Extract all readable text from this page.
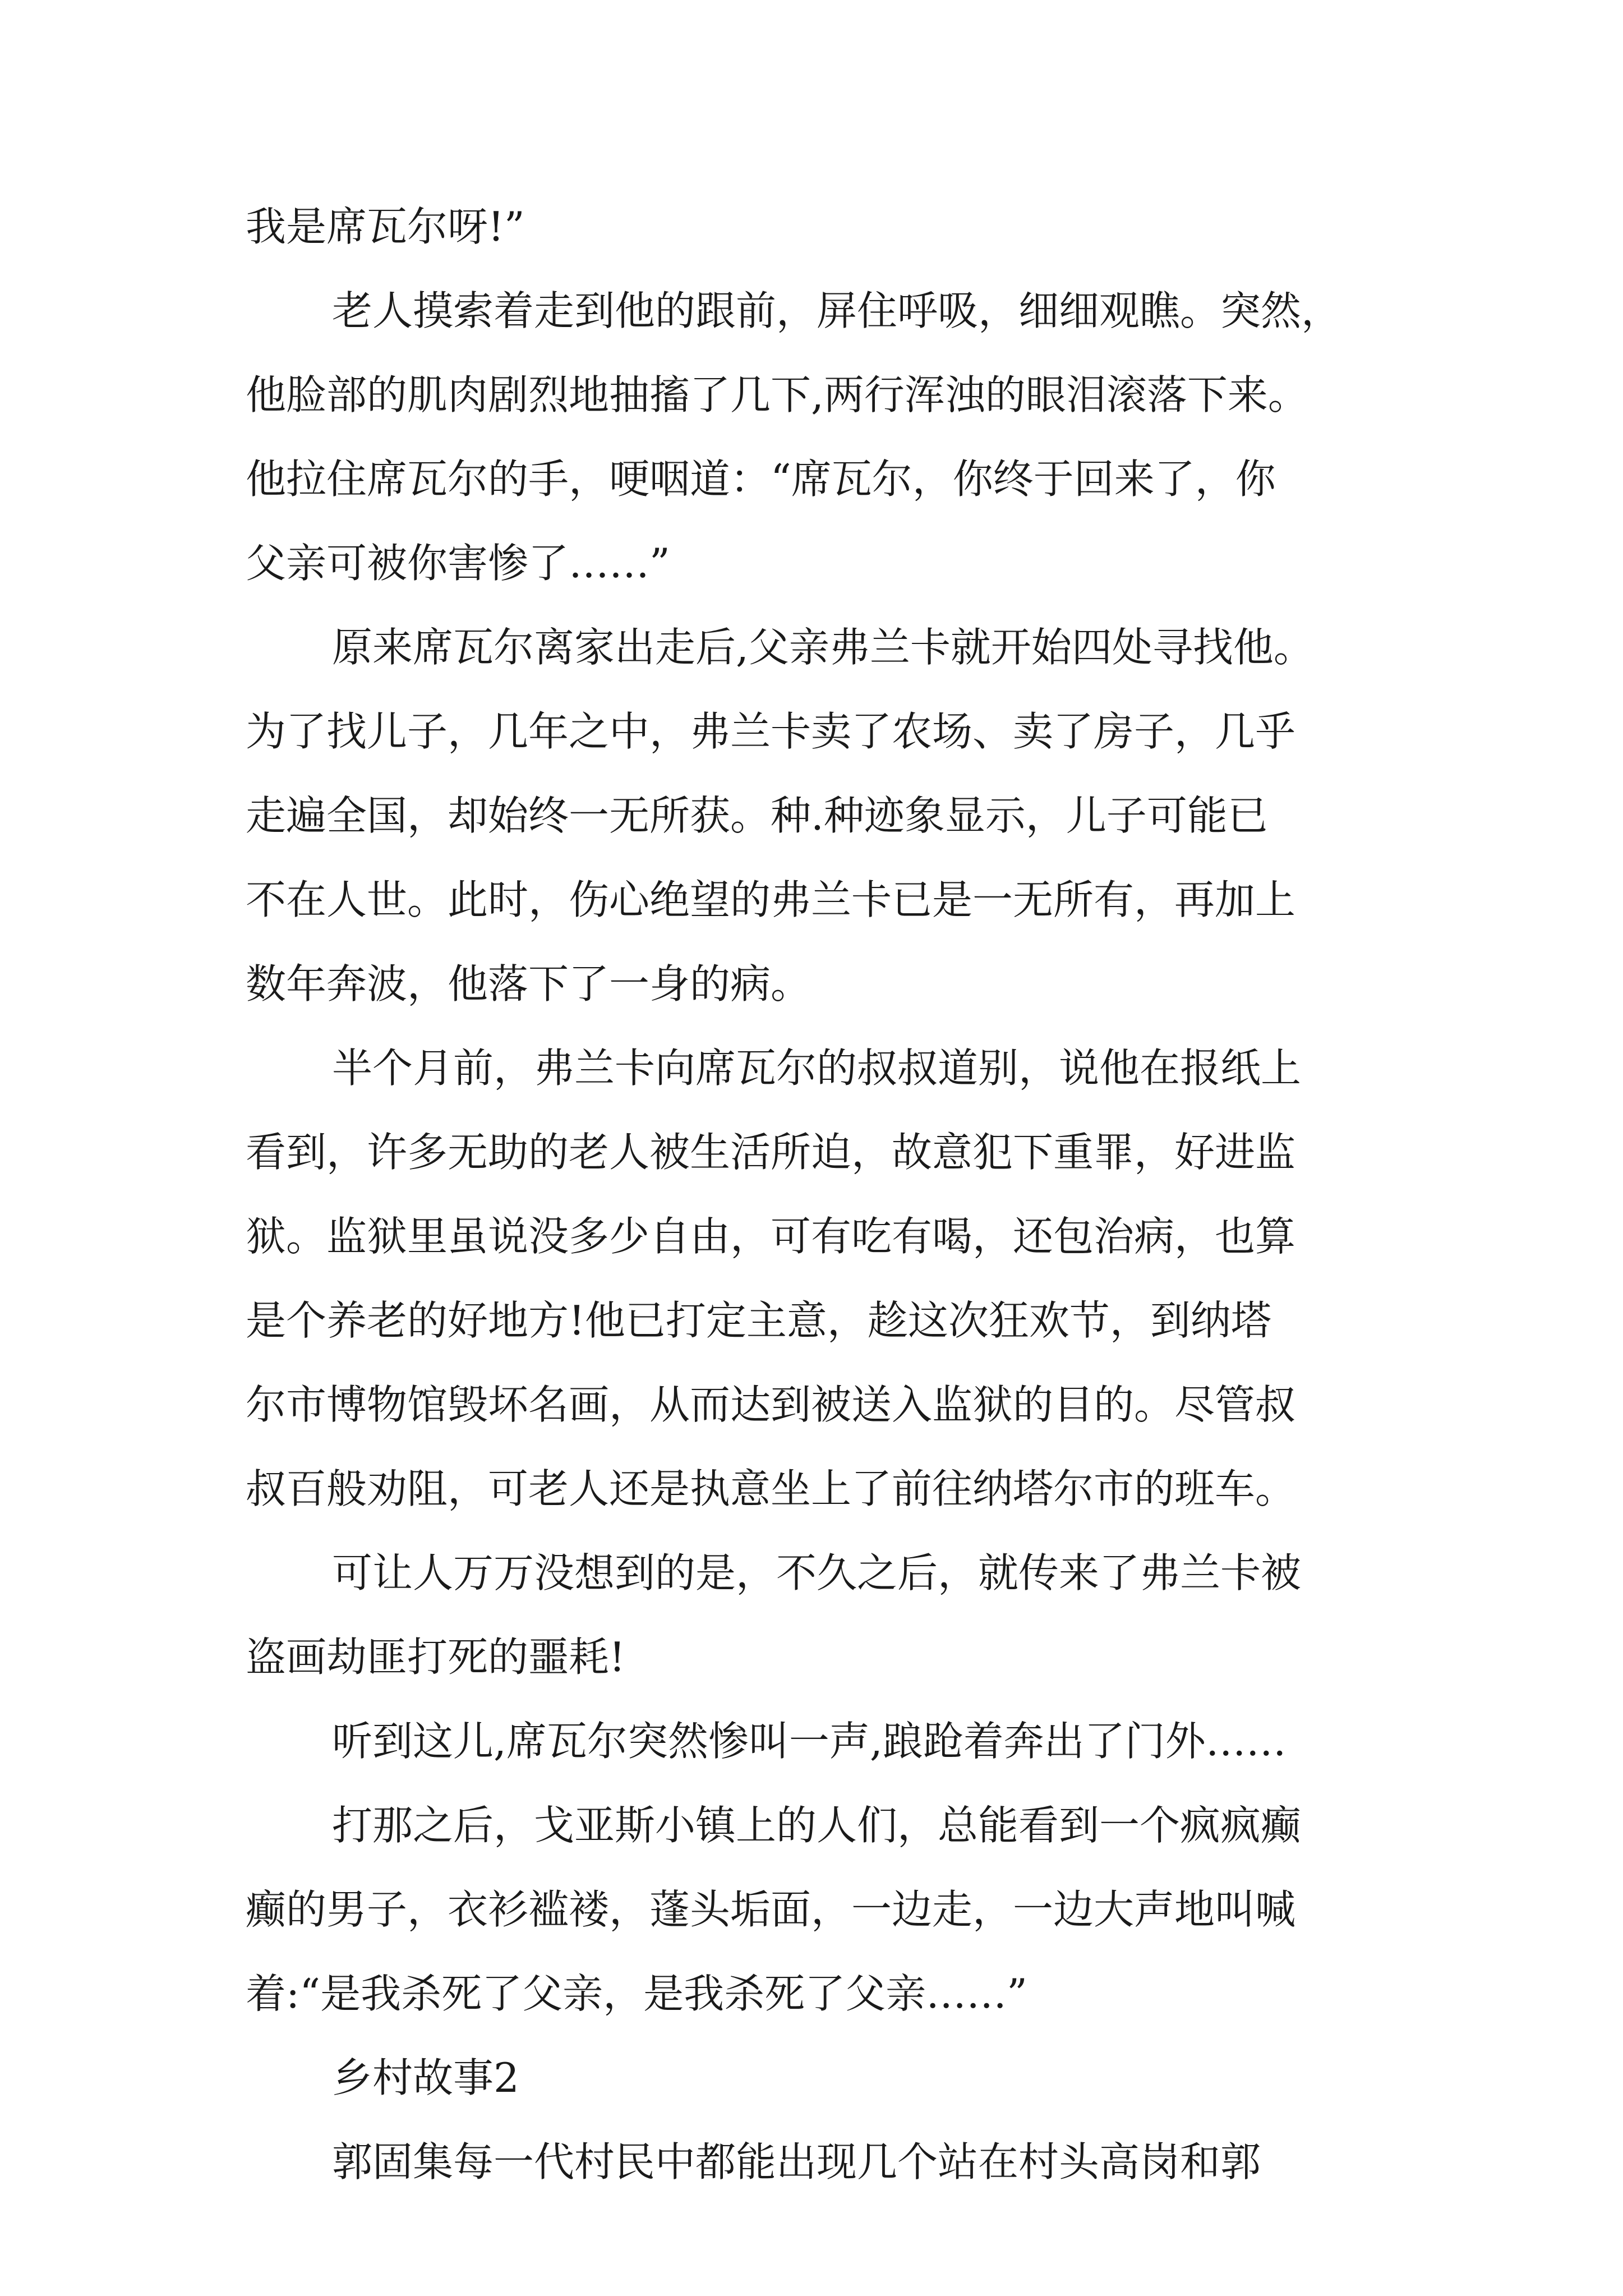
我是席瓦尔呀!”

老人摸索着走到他的跟前，屏住呼吸，细细观瞧。突然，

他脸部的肌肉剧烈地抽搐了几下,两行浑浊的眼泪滚落下来。

他拉住席瓦尔的手，哽咽道：“席瓦尔，你终于回来了，你

父亲可被你害惨了……”

原来席瓦尔离家出走后,父亲弗兰卡就开始四处寻找他。

为了找儿子，几年之中，弗兰卡卖了农场、卖了房子，几乎

走遍全国，却始终一无所获。种.种迹象显示，儿子可能已

不在人世。此时，伤心绝望的弗兰卡已是一无所有，再加上

数年奔波，他落下了一身的病。

半个月前，弗兰卡向席瓦尔的叔叔道别，说他在报纸上

看到，许多无助的老人被生活所迫，故意犯下重罪，好进监

狱。监狱里虽说没多少自由，可有吃有喝，还包治病，也算

是个养老的好地方!他已打定主意，趁这次狂欢节，到纳塔

尔市博物馆毁坏名画，从而达到被送入监狱的目的。尽管叔

叔百般劝阻，可老人还是执意坐上了前往纳塔尔市的班车。

可让人万万没想到的是，不久之后，就传来了弗兰卡被

盗画劫匪打死的噩耗!

听到这儿,席瓦尔突然惨叫一声,踉跄着奔出了门外……

打那之后，戈亚斯小镇上的人们，总能看到一个疯疯癫

癫的男子，衣衫褴褛，蓬头垢面，一边走，一边大声地叫喊

着:“是我杀死了父亲，是我杀死了父亲……”

乡村故事2

郭固集每一代村民中都能出现几个站在村头高岗和郭
